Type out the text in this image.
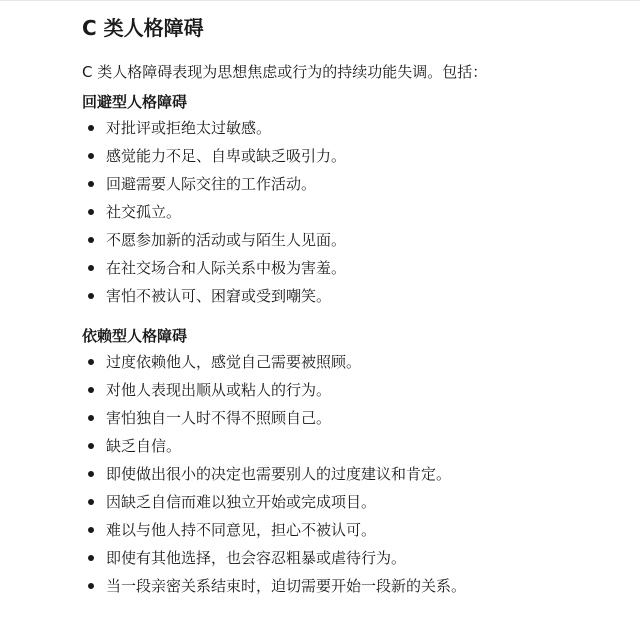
C 类人格障碍

C 类人格障碍表现为思想焦虑或行为的持续功能失调。包括：

回避型人格障碍
对批评或拒绝太过敏感。
感觉能力不足、自卑或缺乏吸引力。
回避需要人际交往的工作活动。
社交孤立。
不愿参加新的活动或与陌生人见面。
在社交场合和人际关系中极为害羞。
害怕不被认可、困窘或受到嘲笑。
依赖型人格障碍
过度依赖他人，感觉自己需要被照顾。
对他人表现出顺从或粘人的行为。
害怕独自一人时不得不照顾自己。
缺乏自信。
即使做出很小的决定也需要别人的过度建议和肯定。
因缺乏自信而难以独立开始或完成项目。
难以与他人持不同意见，担心不被认可。
即使有其他选择，也会容忍粗暴或虐待行为。
当一段亲密关系结束时，迫切需要开始一段新的关系。
